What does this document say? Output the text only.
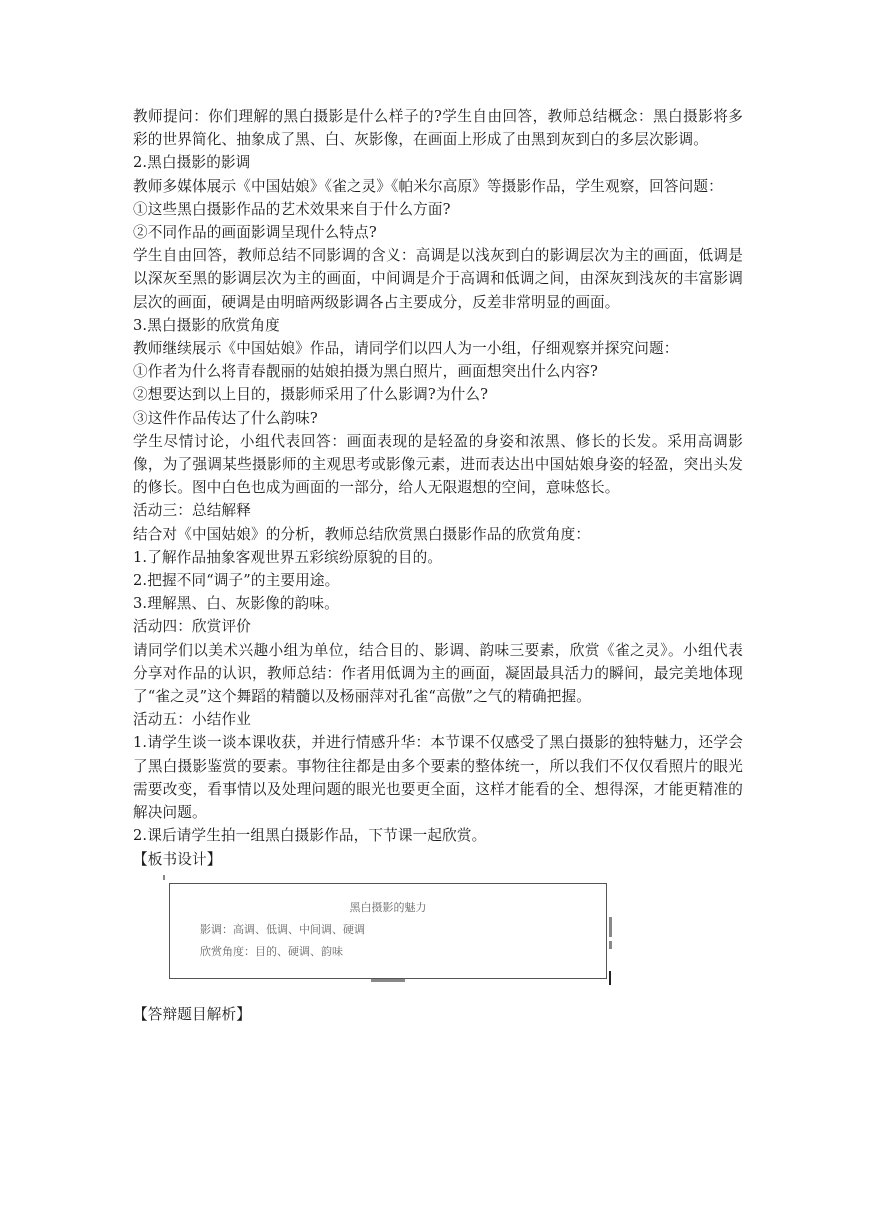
教师提问：你们理解的黑白摄影是什么样子的?学生自由回答，教师总结概念：黑白摄影将多彩的世界简化、抽象成了黑、白、灰影像，在画面上形成了由黑到灰到白的多层次影调。

2.黑白摄影的影调

教师多媒体展示《中国姑娘》《雀之灵》《帕米尔高原》等摄影作品，学生观察，回答问题：

①这些黑白摄影作品的艺术效果来自于什么方面?

②不同作品的画面影调呈现什么特点?

学生自由回答，教师总结不同影调的含义：高调是以浅灰到白的影调层次为主的画面，低调是以深灰至黑的影调层次为主的画面，中间调是介于高调和低调之间，由深灰到浅灰的丰富影调层次的画面，硬调是由明暗两级影调各占主要成分，反差非常明显的画面。

3.黑白摄影的欣赏角度

教师继续展示《中国姑娘》作品，请同学们以四人为一小组，仔细观察并探究问题：

①作者为什么将青春靓丽的姑娘拍摄为黑白照片，画面想突出什么内容?

②想要达到以上目的，摄影师采用了什么影调?为什么?

③这件作品传达了什么韵味?

学生尽情讨论，小组代表回答：画面表现的是轻盈的身姿和浓黑、修长的长发。采用高调影像，为了强调某些摄影师的主观思考或影像元素，进而表达出中国姑娘身姿的轻盈，突出头发的修长。图中白色也成为画面的一部分，给人无限遐想的空间，意味悠长。

活动三：总结解释

结合对《中国姑娘》的分析，教师总结欣赏黑白摄影作品的欣赏角度：

1.了解作品抽象客观世界五彩缤纷原貌的目的。

2.把握不同“调子”的主要用途。

3.理解黑、白、灰影像的韵味。

活动四：欣赏评价

请同学们以美术兴趣小组为单位，结合目的、影调、韵味三要素，欣赏《雀之灵》。小组代表分享对作品的认识，教师总结：作者用低调为主的画面，凝固最具活力的瞬间，最完美地体现了“雀之灵”这个舞蹈的精髓以及杨丽萍对孔雀“高傲”之气的精确把握。

活动五：小结作业

1.请学生谈一谈本课收获，并进行情感升华：本节课不仅感受了黑白摄影的独特魅力，还学会了黑白摄影鉴赏的要素。事物往往都是由多个要素的整体统一，所以我们不仅仅看照片的眼光需要改变，看事情以及处理问题的眼光也要更全面，这样才能看的全、想得深，才能更精准的解决问题。

2.课后请学生拍一组黑白摄影作品，下节课一起欣赏。

【板书设计】

黑白摄影的魅力
影调：高调、低调、中间调、硬调
欣赏角度：目的、硬调、韵味

【答辩题目解析】
